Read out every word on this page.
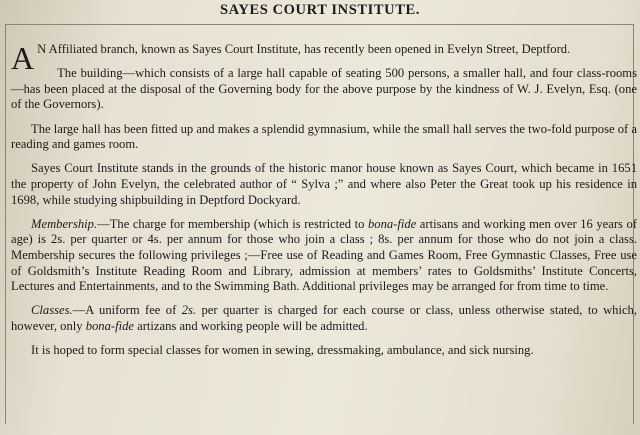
SAYES COURT INSTITUTE.

A N Affiliated branch, known as Sayes Court Institute, has recently been opened in Evelyn Street, Deptford.

The building—which consists of a large hall capable of seating 500 persons, a smaller hall, and four class-rooms—has been placed at the disposal of the Governing body for the above purpose by the kindness of W. J. Evelyn, Esq. (one of the Governors).

The large hall has been fitted up and makes a splendid gymnasium, while the small hall serves the two-fold purpose of a reading and games room.

Sayes Court Institute stands in the grounds of the historic manor house known as Sayes Court, which became in 1651 the property of John Evelyn, the celebrated author of “ Sylva ;” and where also Peter the Great took up his residence in 1698, while studying shipbuilding in Deptford Dockyard.

Membership.—The charge for membership (which is restricted to bona-fide artisans and working men over 16 years of age) is 2s. per quarter or 4s. per annum for those who join a class ; 8s. per annum for those who do not join a class. Membership secures the following privileges ;—Free use of Reading and Games Room, Free Gymnastic Classes, Free use of Goldsmith’s Institute Reading Room and Library, admission at members’ rates to Goldsmiths’ Institute Concerts, Lectures and Entertainments, and to the Swimming Bath. Additional privileges may be arranged for from time to time.

Classes.—A uniform fee of 2s. per quarter is charged for each course or class, unless otherwise stated, to which, however, only bona-fide artizans and working people will be admitted.

It is hoped to form special classes for women in sewing, dressmaking, ambulance, and sick nursing.
